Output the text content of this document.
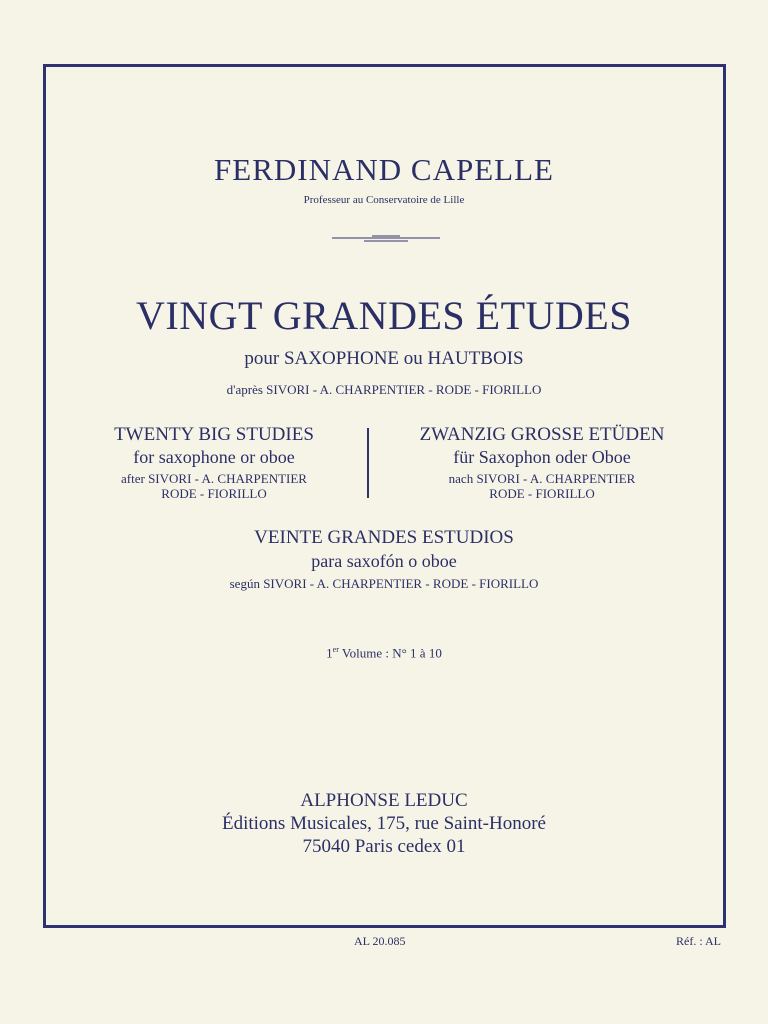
FERDINAND CAPELLE
Professeur au Conservatoire de Lille
VINGT GRANDES ÉTUDES
pour SAXOPHONE ou HAUTBOIS
d'après SIVORI - A. CHARPENTIER - RODE - FIORILLO
TWENTY BIG STUDIES
for saxophone or oboe
after SIVORI - A. CHARPENTIER
RODE - FIORILLO
ZWANZIG GROSSE ETÜDEN
für Saxophon oder Oboe
nach SIVORI - A. CHARPENTIER
RODE - FIORILLO
VEINTE GRANDES ESTUDIOS
para saxofón o oboe
según SIVORI - A. CHARPENTIER - RODE - FIORILLO
1er Volume : N° 1 à 10
ALPHONSE LEDUC
Éditions Musicales, 175, rue Saint-Honoré
75040 Paris cedex 01
AL 20.085	Réf. : AL
